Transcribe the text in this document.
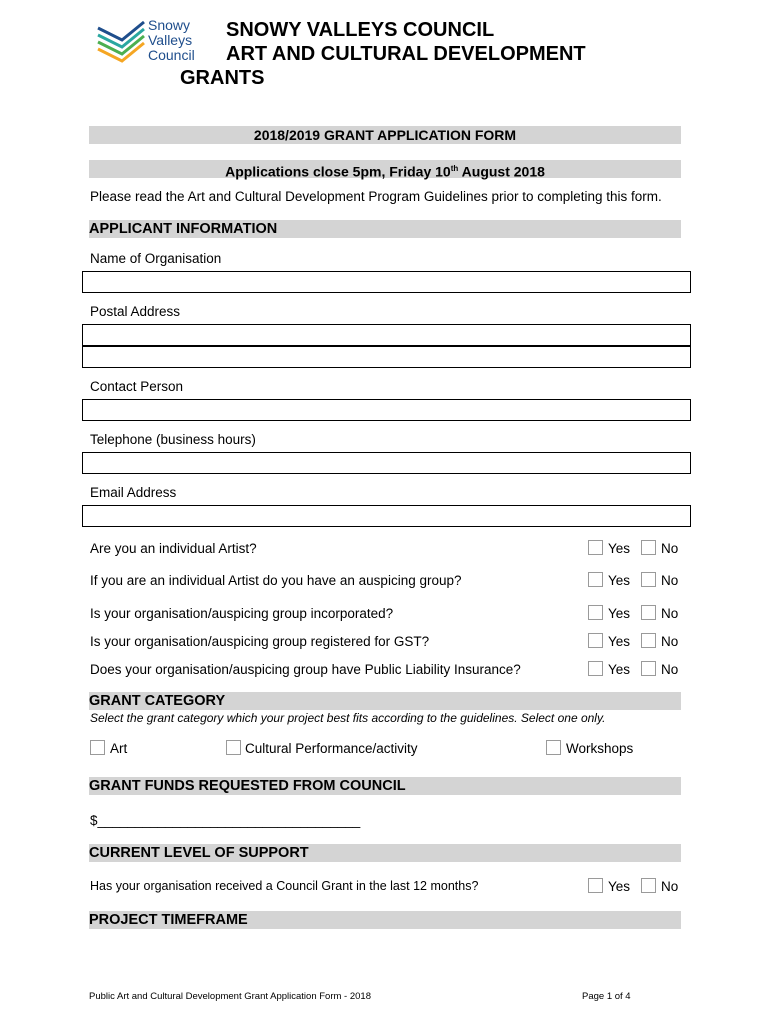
Snowy
Valleys
Council
SNOWY VALLEYS COUNCIL
ART AND CULTURAL DEVELOPMENT
GRANTS
2018/2019 GRANT APPLICATION FORM
Applications close 5pm, Friday 10th August 2018
Please read the Art and Cultural Development Program Guidelines prior to completing this form.
APPLICANT INFORMATION
Name of Organisation
Postal Address
Contact Person
Telephone (business hours)
Email Address
Are you an individual Artist?	Yes No
If you are an individual Artist do you have an auspicing group?	Yes No
Is your organisation/auspicing group incorporated?	Yes No
Is your organisation/auspicing group registered for GST?	Yes No
Does your organisation/auspicing group have Public Liability Insurance?	Yes No
GRANT CATEGORY
Select the grant category which your project best fits according to the guidelines. Select one only.
Art	Cultural Performance/activity	Workshops
GRANT FUNDS REQUESTED FROM COUNCIL
$___________________________________
CURRENT LEVEL OF SUPPORT
Has your organisation received a Council Grant in the last 12 months?	Yes No
PROJECT TIMEFRAME
Public Art and Cultural Development Grant Application Form - 2018	Page 1 of 4
